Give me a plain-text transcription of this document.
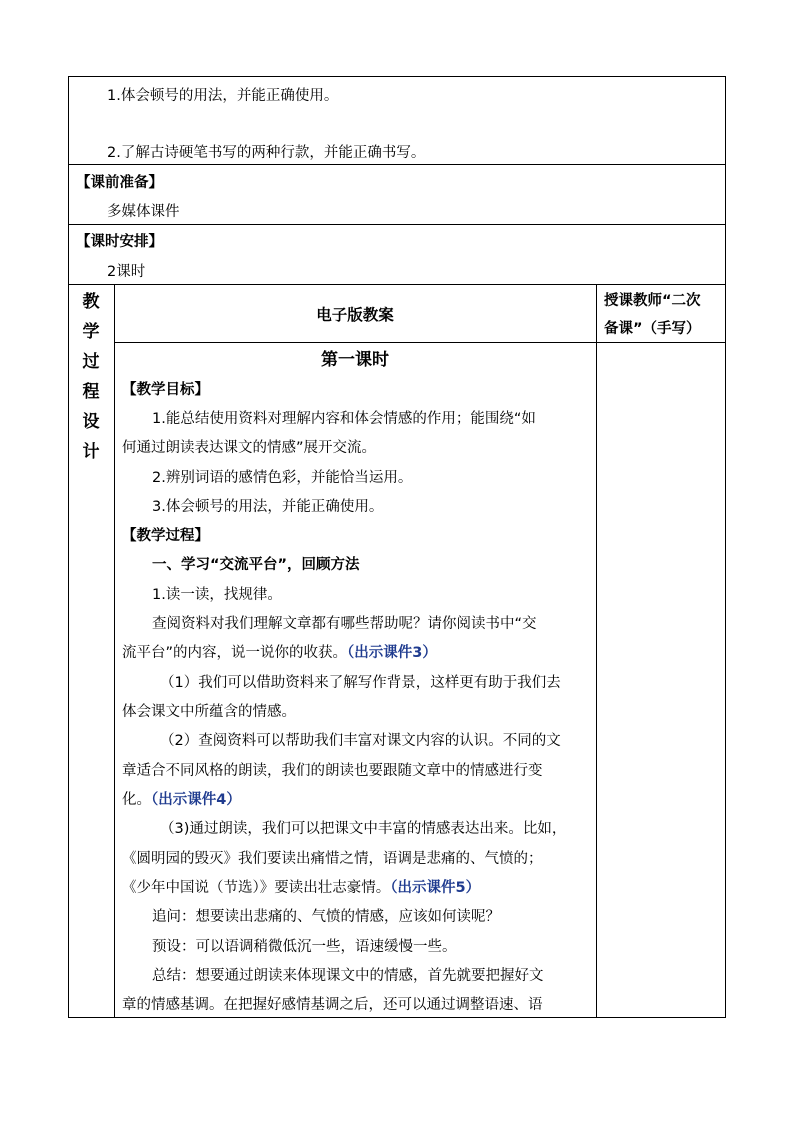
1.体会顿号的用法，并能正确使用。
2.了解古诗硬笔书写的两种行款，并能正确书写。
【课前准备】
多媒体课件
【课时安排】
2课时
教
学
过
程
设
计
电子版教案
授课教师“二次
备课”（手写）
第一课时
【教学目标】
1.能总结使用资料对理解内容和体会情感的作用；能围绕“如
何通过朗读表达课文的情感”展开交流。
2.辨别词语的感情色彩，并能恰当运用。
3.体会顿号的用法，并能正确使用。
【教学过程】
一、学习“交流平台”，回顾方法
1.读一读，找规律。
查阅资料对我们理解文章都有哪些帮助呢？请你阅读书中“交
流平台”的内容，说一说你的收获。（出示课件3）
（1）我们可以借助资料来了解写作背景，这样更有助于我们去
体会课文中所蕴含的情感。
（2）查阅资料可以帮助我们丰富对课文内容的认识。不同的文
章适合不同风格的朗读，我们的朗读也要跟随文章中的情感进行变
化。（出示课件4）
（3)通过朗读，我们可以把课文中丰富的情感表达出来。比如，
《圆明园的毁灭》我们要读出痛惜之情，语调是悲痛的、气愤的；
《少年中国说（节选）》要读出壮志豪情。（出示课件5）
追问：想要读出悲痛的、气愤的情感，应该如何读呢？
预设：可以语调稍微低沉一些，语速缓慢一些。
总结：想要通过朗读来体现课文中的情感，首先就要把握好文
章的情感基调。在把握好感情基调之后，还可以通过调整语速、语
